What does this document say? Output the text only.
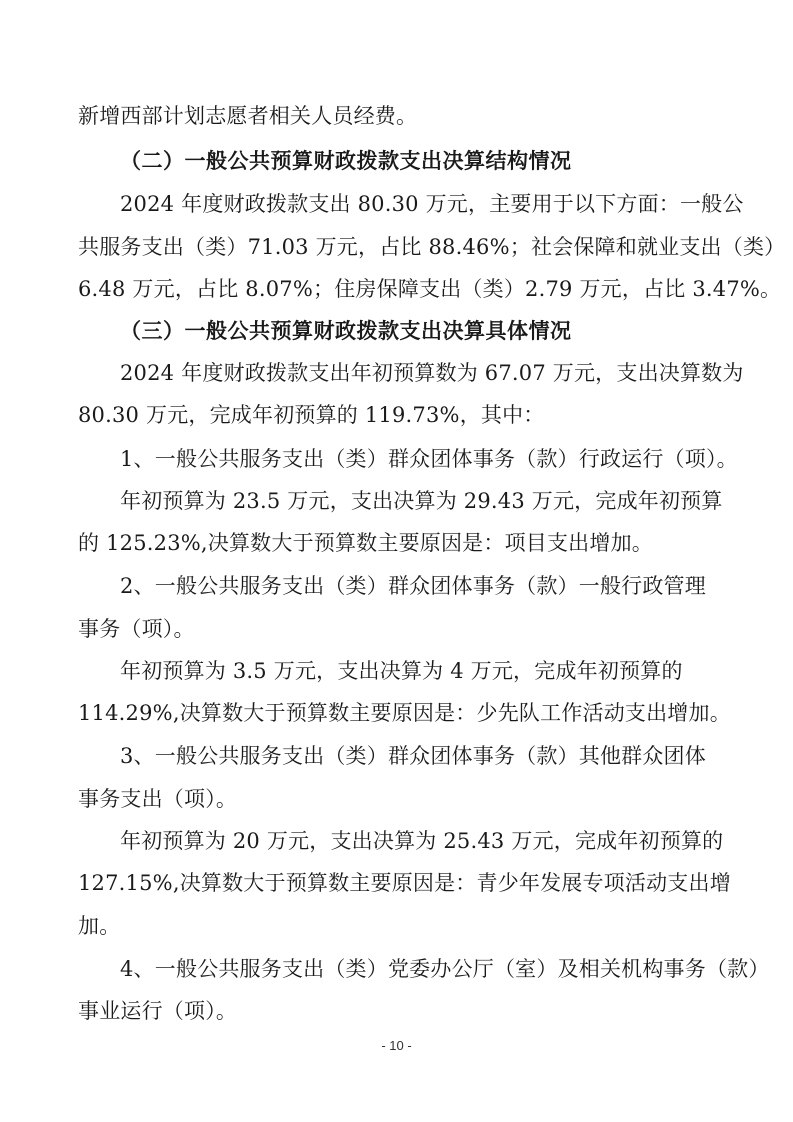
新增西部计划志愿者相关人员经费。
（二）一般公共预算财政拨款支出决算结构情况
2024 年度财政拨款支出 80.30 万元，主要用于以下方面：一般公
共服务支出（类）71.03 万元，占比 88.46%；社会保障和就业支出（类）
6.48 万元，占比 8.07%；住房保障支出（类）2.79 万元，占比 3.47%。
（三）一般公共预算财政拨款支出决算具体情况
2024 年度财政拨款支出年初预算数为 67.07 万元，支出决算数为
80.30 万元，完成年初预算的 119.73%，其中：
1、一般公共服务支出（类）群众团体事务（款）行政运行（项）。
年初预算为 23.5 万元，支出决算为 29.43 万元，完成年初预算
的 125.23%,决算数大于预算数主要原因是：项目支出增加。
2、一般公共服务支出（类）群众团体事务（款）一般行政管理
事务（项）。
年初预算为 3.5 万元，支出决算为 4 万元，完成年初预算的
114.29%,决算数大于预算数主要原因是：少先队工作活动支出增加。
3、一般公共服务支出（类）群众团体事务（款）其他群众团体
事务支出（项）。
年初预算为 20 万元，支出决算为 25.43 万元，完成年初预算的
127.15%,决算数大于预算数主要原因是：青少年发展专项活动支出增
加。
4、一般公共服务支出（类）党委办公厅（室）及相关机构事务（款）
事业运行（项）。
- 10 -
